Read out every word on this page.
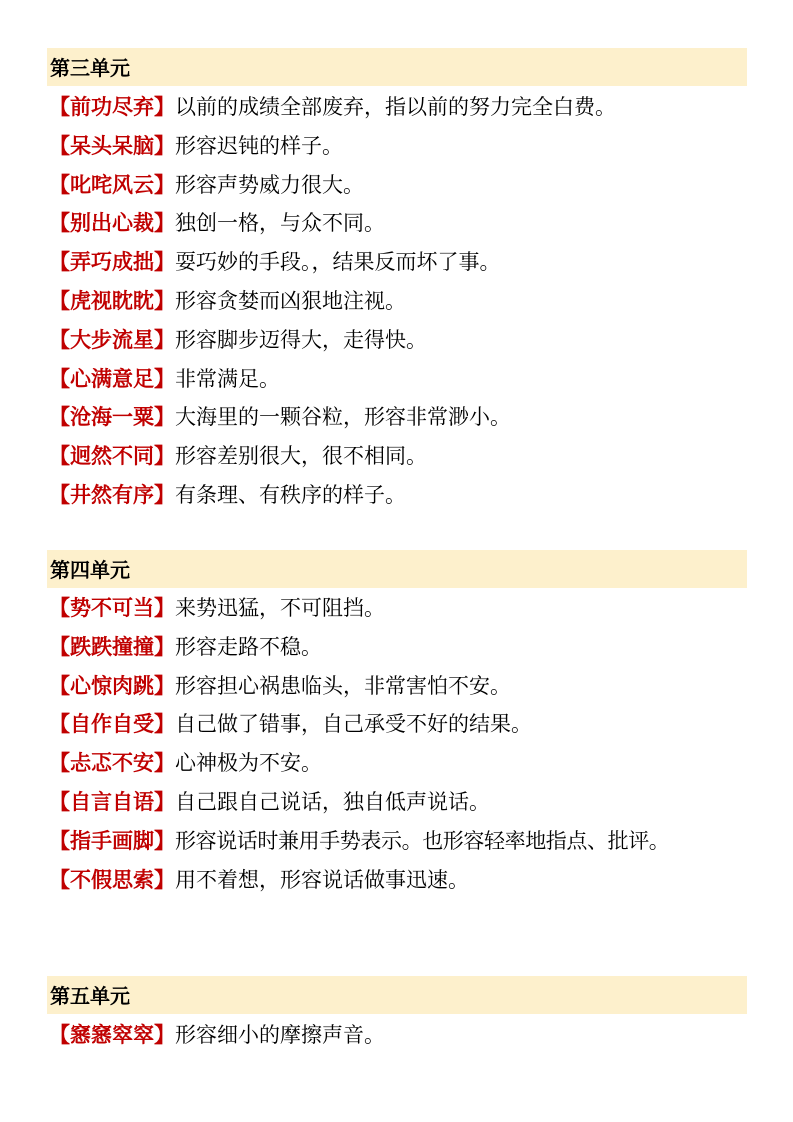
第三单元
【前功尽弃】以前的成绩全部废弃，指以前的努力完全白费。
【呆头呆脑】形容迟钝的样子。
【叱咤风云】形容声势威力很大。
【别出心裁】独创一格，与众不同。
【弄巧成拙】耍巧妙的手段。，结果反而坏了事。
【虎视眈眈】形容贪婪而凶狠地注视。
【大步流星】形容脚步迈得大，走得快。
【心满意足】非常满足。
【沧海一粟】大海里的一颗谷粒，形容非常渺小。
【迥然不同】形容差别很大，很不相同。
【井然有序】有条理、有秩序的样子。
第四单元
【势不可当】来势迅猛，不可阻挡。
【跌跌撞撞】形容走路不稳。
【心惊肉跳】形容担心祸患临头，非常害怕不安。
【自作自受】自己做了错事，自己承受不好的结果。
【忐忑不安】心神极为不安。
【自言自语】自己跟自己说话，独自低声说话。
【指手画脚】形容说话时兼用手势表示。也形容轻率地指点、批评。
【不假思索】用不着想，形容说话做事迅速。
第五单元
【窸窸窣窣】形容细小的摩擦声音。
